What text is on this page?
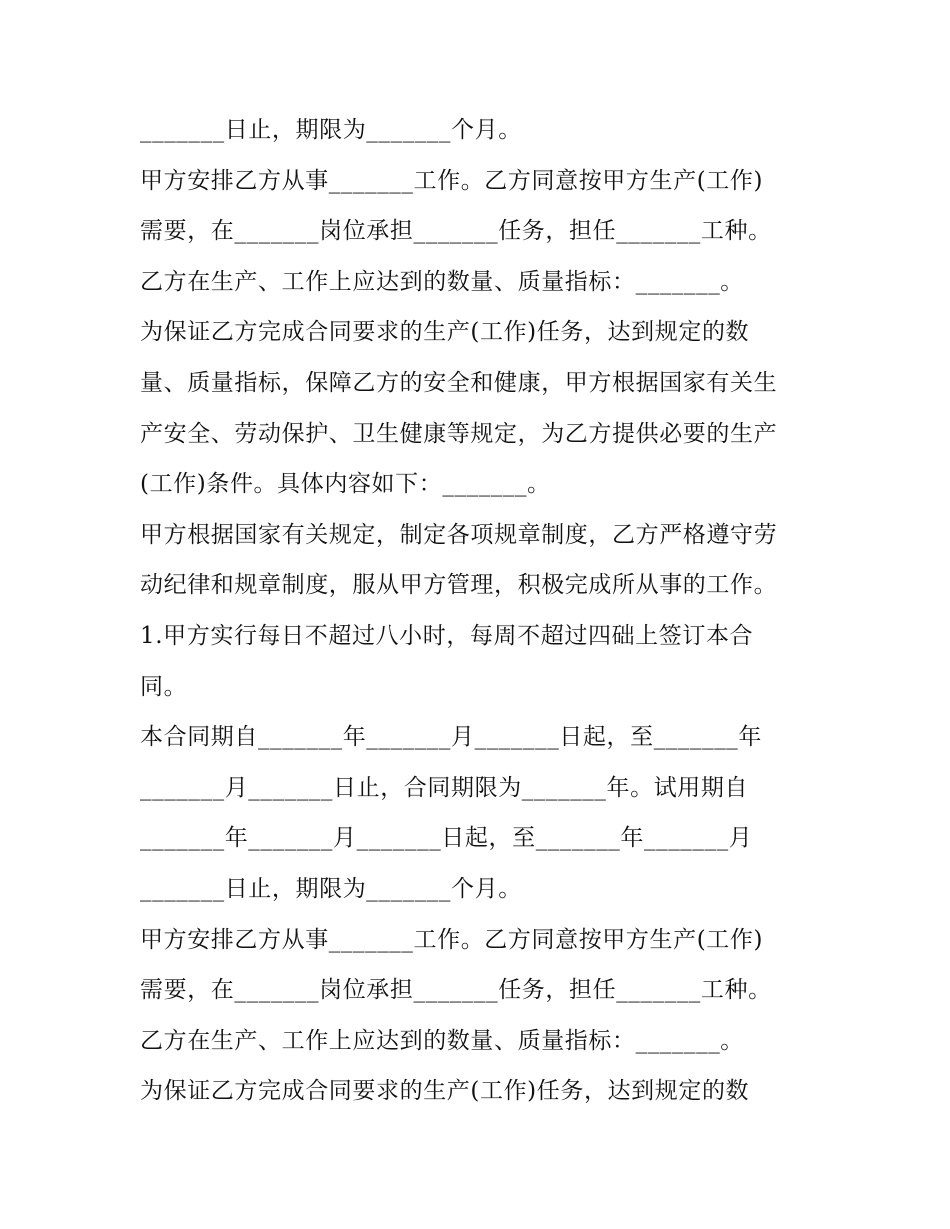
_______日止，期限为_______个月。
甲方安排乙方从事_______工作。乙方同意按甲方生产(工作)
需要，在_______岗位承担_______任务，担任_______工种。
乙方在生产、工作上应达到的数量、质量指标：_______。
为保证乙方完成合同要求的生产(工作)任务，达到规定的数
量、质量指标，保障乙方的安全和健康，甲方根据国家有关生
产安全、劳动保护、卫生健康等规定，为乙方提供必要的生产
(工作)条件。具体内容如下：_______。
甲方根据国家有关规定，制定各项规章制度，乙方严格遵守劳
动纪律和规章制度，服从甲方管理，积极完成所从事的工作。
1.甲方实行每日不超过八小时，每周不超过四础上签订本合
同。
本合同期自_______年_______月_______日起，至_______年
_______月_______日止，合同期限为_______年。试用期自
_______年_______月_______日起，至_______年_______月
_______日止，期限为_______个月。
甲方安排乙方从事_______工作。乙方同意按甲方生产(工作)
需要，在_______岗位承担_______任务，担任_______工种。
乙方在生产、工作上应达到的数量、质量指标：_______。
为保证乙方完成合同要求的生产(工作)任务，达到规定的数
